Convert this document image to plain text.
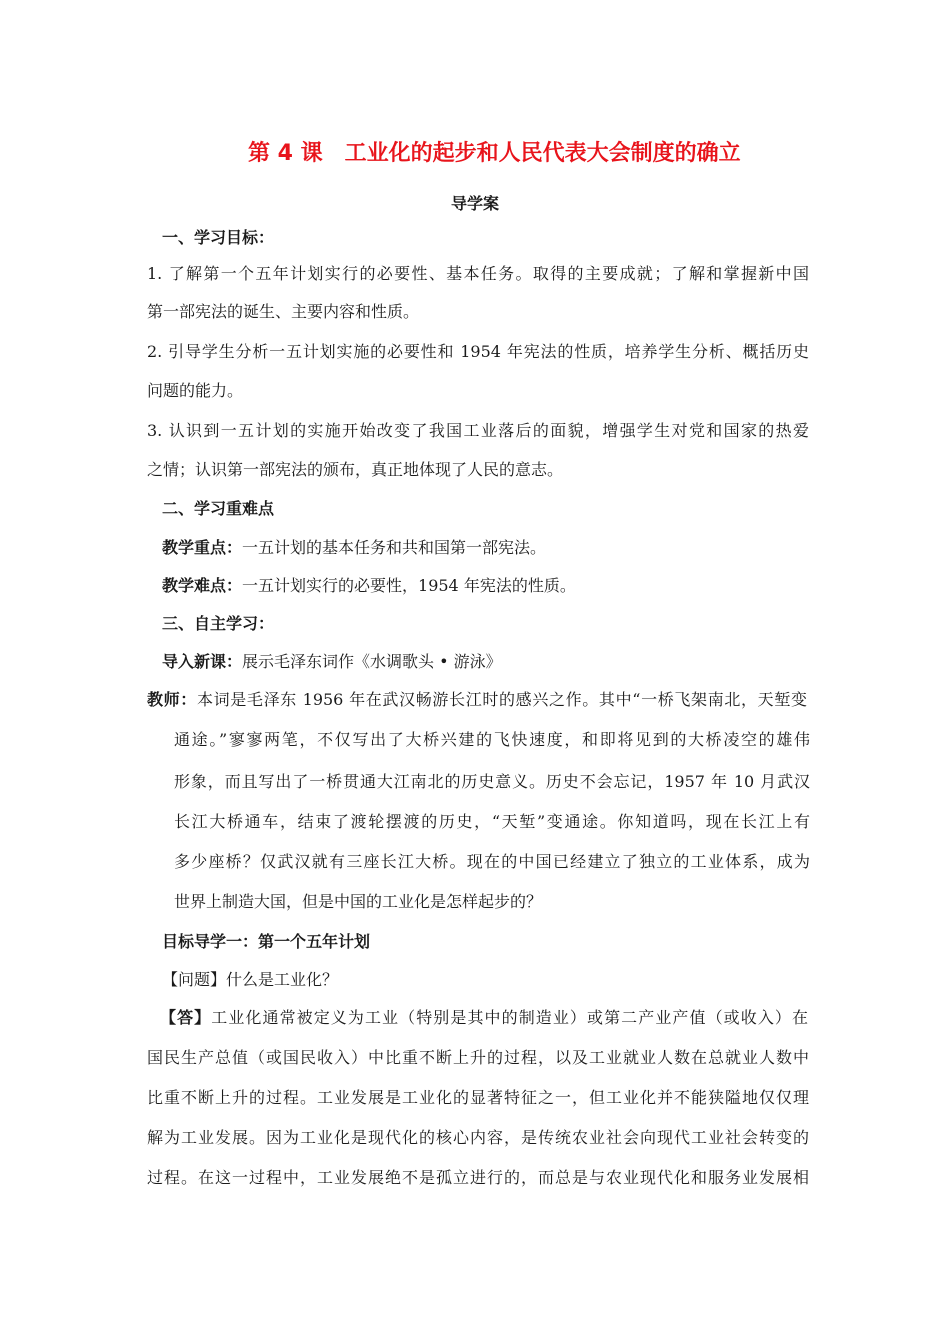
第 4 课　工业化的起步和人民代表大会制度的确立
导学案
一、学习目标：
1. 了解第一个五年计划实行的必要性、基本任务。取得的主要成就；了解和掌握新中国
第一部宪法的诞生、主要内容和性质。
2. 引导学生分析一五计划实施的必要性和 1954 年宪法的性质，培养学生分析、概括历史
问题的能力。
3. 认识到一五计划的实施开始改变了我国工业落后的面貌，增强学生对党和国家的热爱
之情；认识第一部宪法的颁布，真正地体现了人民的意志。
二、学习重难点
教学重点：一五计划的基本任务和共和国第一部宪法。
教学难点：一五计划实行的必要性，1954 年宪法的性质。
三、自主学习：
导入新课：展示毛泽东词作《水调歌头 • 游泳》
教师：本词是毛泽东 1956 年在武汉畅游长江时的感兴之作。其中“一桥飞架南北，天堑变
通途。”寥寥两笔，不仅写出了大桥兴建的飞快速度，和即将见到的大桥凌空的雄伟
形象，而且写出了一桥贯通大江南北的历史意义。历史不会忘记，1957 年 10 月武汉
长江大桥通车，结束了渡轮摆渡的历史，“天堑”变通途。你知道吗，现在长江上有
多少座桥？仅武汉就有三座长江大桥。现在的中国已经建立了独立的工业体系，成为
世界上制造大国，但是中国的工业化是怎样起步的？
目标导学一：第一个五年计划
【问题】什么是工业化？
【答】工业化通常被定义为工业（特别是其中的制造业）或第二产业产值（或收入）在
国民生产总值（或国民收入）中比重不断上升的过程，以及工业就业人数在总就业人数中
比重不断上升的过程。工业发展是工业化的显著特征之一，但工业化并不能狭隘地仅仅理
解为工业发展。因为工业化是现代化的核心内容，是传统农业社会向现代工业社会转变的
过程。在这一过程中，工业发展绝不是孤立进行的，而总是与农业现代化和服务业发展相
